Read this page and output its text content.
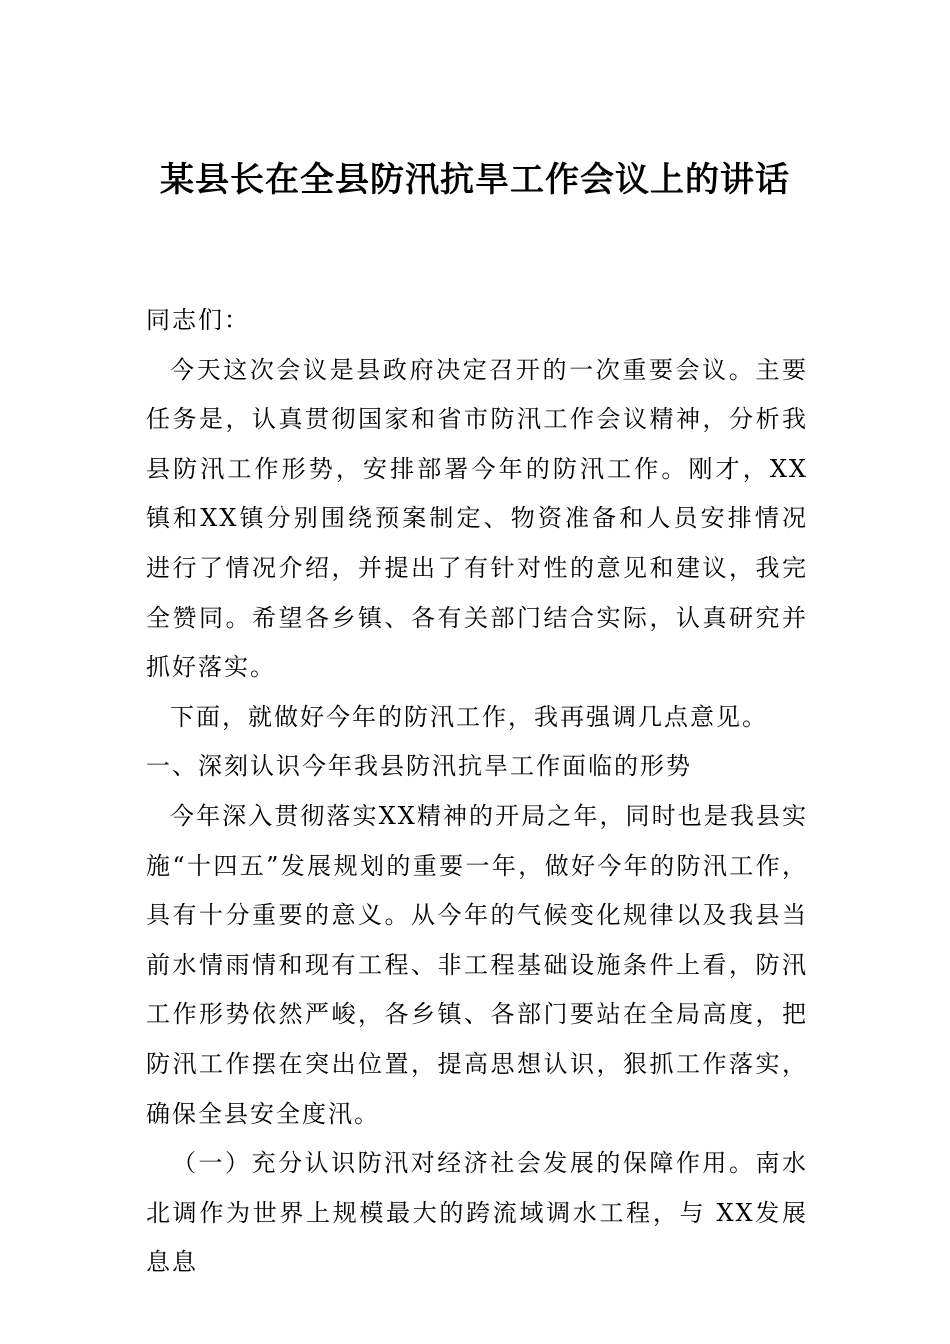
某县长在全县防汛抗旱工作会议上的讲话

同志们：

今天这次会议是县政府决定召开的一次重要会议。主要任务是，认真贯彻国家和省市防汛工作会议精神，分析我县防汛工作形势，安排部署今年的防汛工作。刚才，XX镇和XX镇分别围绕预案制定、物资准备和人员安排情况进行了情况介绍，并提出了有针对性的意见和建议，我完全赞同。希望各乡镇、各有关部门结合实际，认真研究并抓好落实。

下面，就做好今年的防汛工作，我再强调几点意见。

一、深刻认识今年我县防汛抗旱工作面临的形势

今年深入贯彻落实XX精神的开局之年，同时也是我县实施“十四五”发展规划的重要一年，做好今年的防汛工作，具有十分重要的意义。从今年的气候变化规律以及我县当前水情雨情和现有工程、非工程基础设施条件上看，防汛工作形势依然严峻，各乡镇、各部门要站在全局高度，把防汛工作摆在突出位置，提高思想认识，狠抓工作落实，确保全县安全度汛。

（一）充分认识防汛对经济社会发展的保障作用。南水北调作为世界上规模最大的跨流域调水工程，与 XX发展息息
